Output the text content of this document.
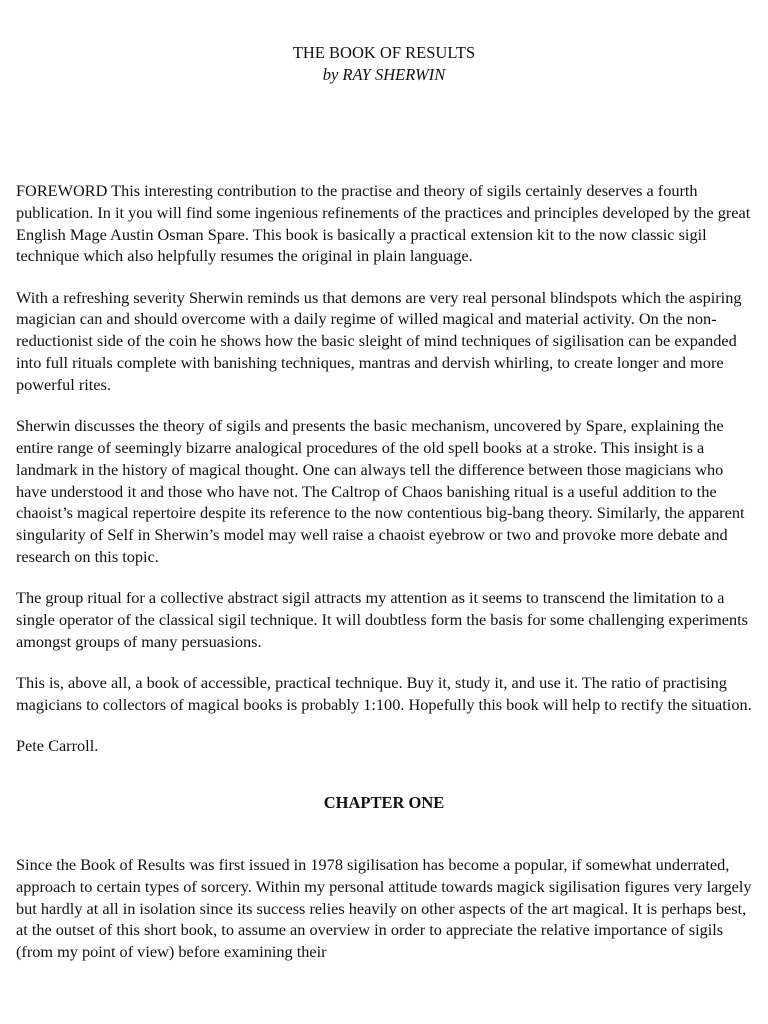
THE BOOK OF RESULTS
by RAY SHERWIN

FOREWORD This interesting contribution to the practise and theory of sigils certainly deserves a fourth publication. In it you will find some ingenious refinements of the practices and principles developed by the great English Mage Austin Osman Spare. This book is basically a practical extension kit to the now classic sigil technique which also helpfully resumes the original in plain language.

With a refreshing severity Sherwin reminds us that demons are very real personal blindspots which the aspiring magician can and should overcome with a daily regime of willed magical and material activity. On the non-reductionist side of the coin he shows how the basic sleight of mind techniques of sigilisation can be expanded into full rituals complete with banishing techniques, mantras and dervish whirling, to create longer and more powerful rites.

Sherwin discusses the theory of sigils and presents the basic mechanism, uncovered by Spare, explaining the entire range of seemingly bizarre analogical procedures of the old spell books at a stroke. This insight is a landmark in the history of magical thought. One can always tell the difference between those magicians who have understood it and those who have not. The Caltrop of Chaos banishing ritual is a useful addition to the chaoist’s magical repertoire despite its reference to the now contentious big-bang theory. Similarly, the apparent singularity of Self in Sherwin’s model may well raise a chaoist eyebrow or two and provoke more debate and research on this topic.

The group ritual for a collective abstract sigil attracts my attention as it seems to transcend the limitation to a single operator of the classical sigil technique. It will doubtless form the basis for some challenging experiments amongst groups of many persuasions.

This is, above all, a book of accessible, practical technique. Buy it, study it, and use it. The ratio of practising magicians to collectors of magical books is probably 1:100. Hopefully this book will help to rectify the situation.

Pete Carroll.

CHAPTER ONE

Since the Book of Results was first issued in 1978 sigilisation has become a popular, if somewhat underrated, approach to certain types of sorcery. Within my personal attitude towards magick sigilisation figures very largely but hardly at all in isolation since its success relies heavily on other aspects of the art magical. It is perhaps best, at the outset of this short book, to assume an overview in order to appreciate the relative importance of sigils (from my point of view) before examining their
